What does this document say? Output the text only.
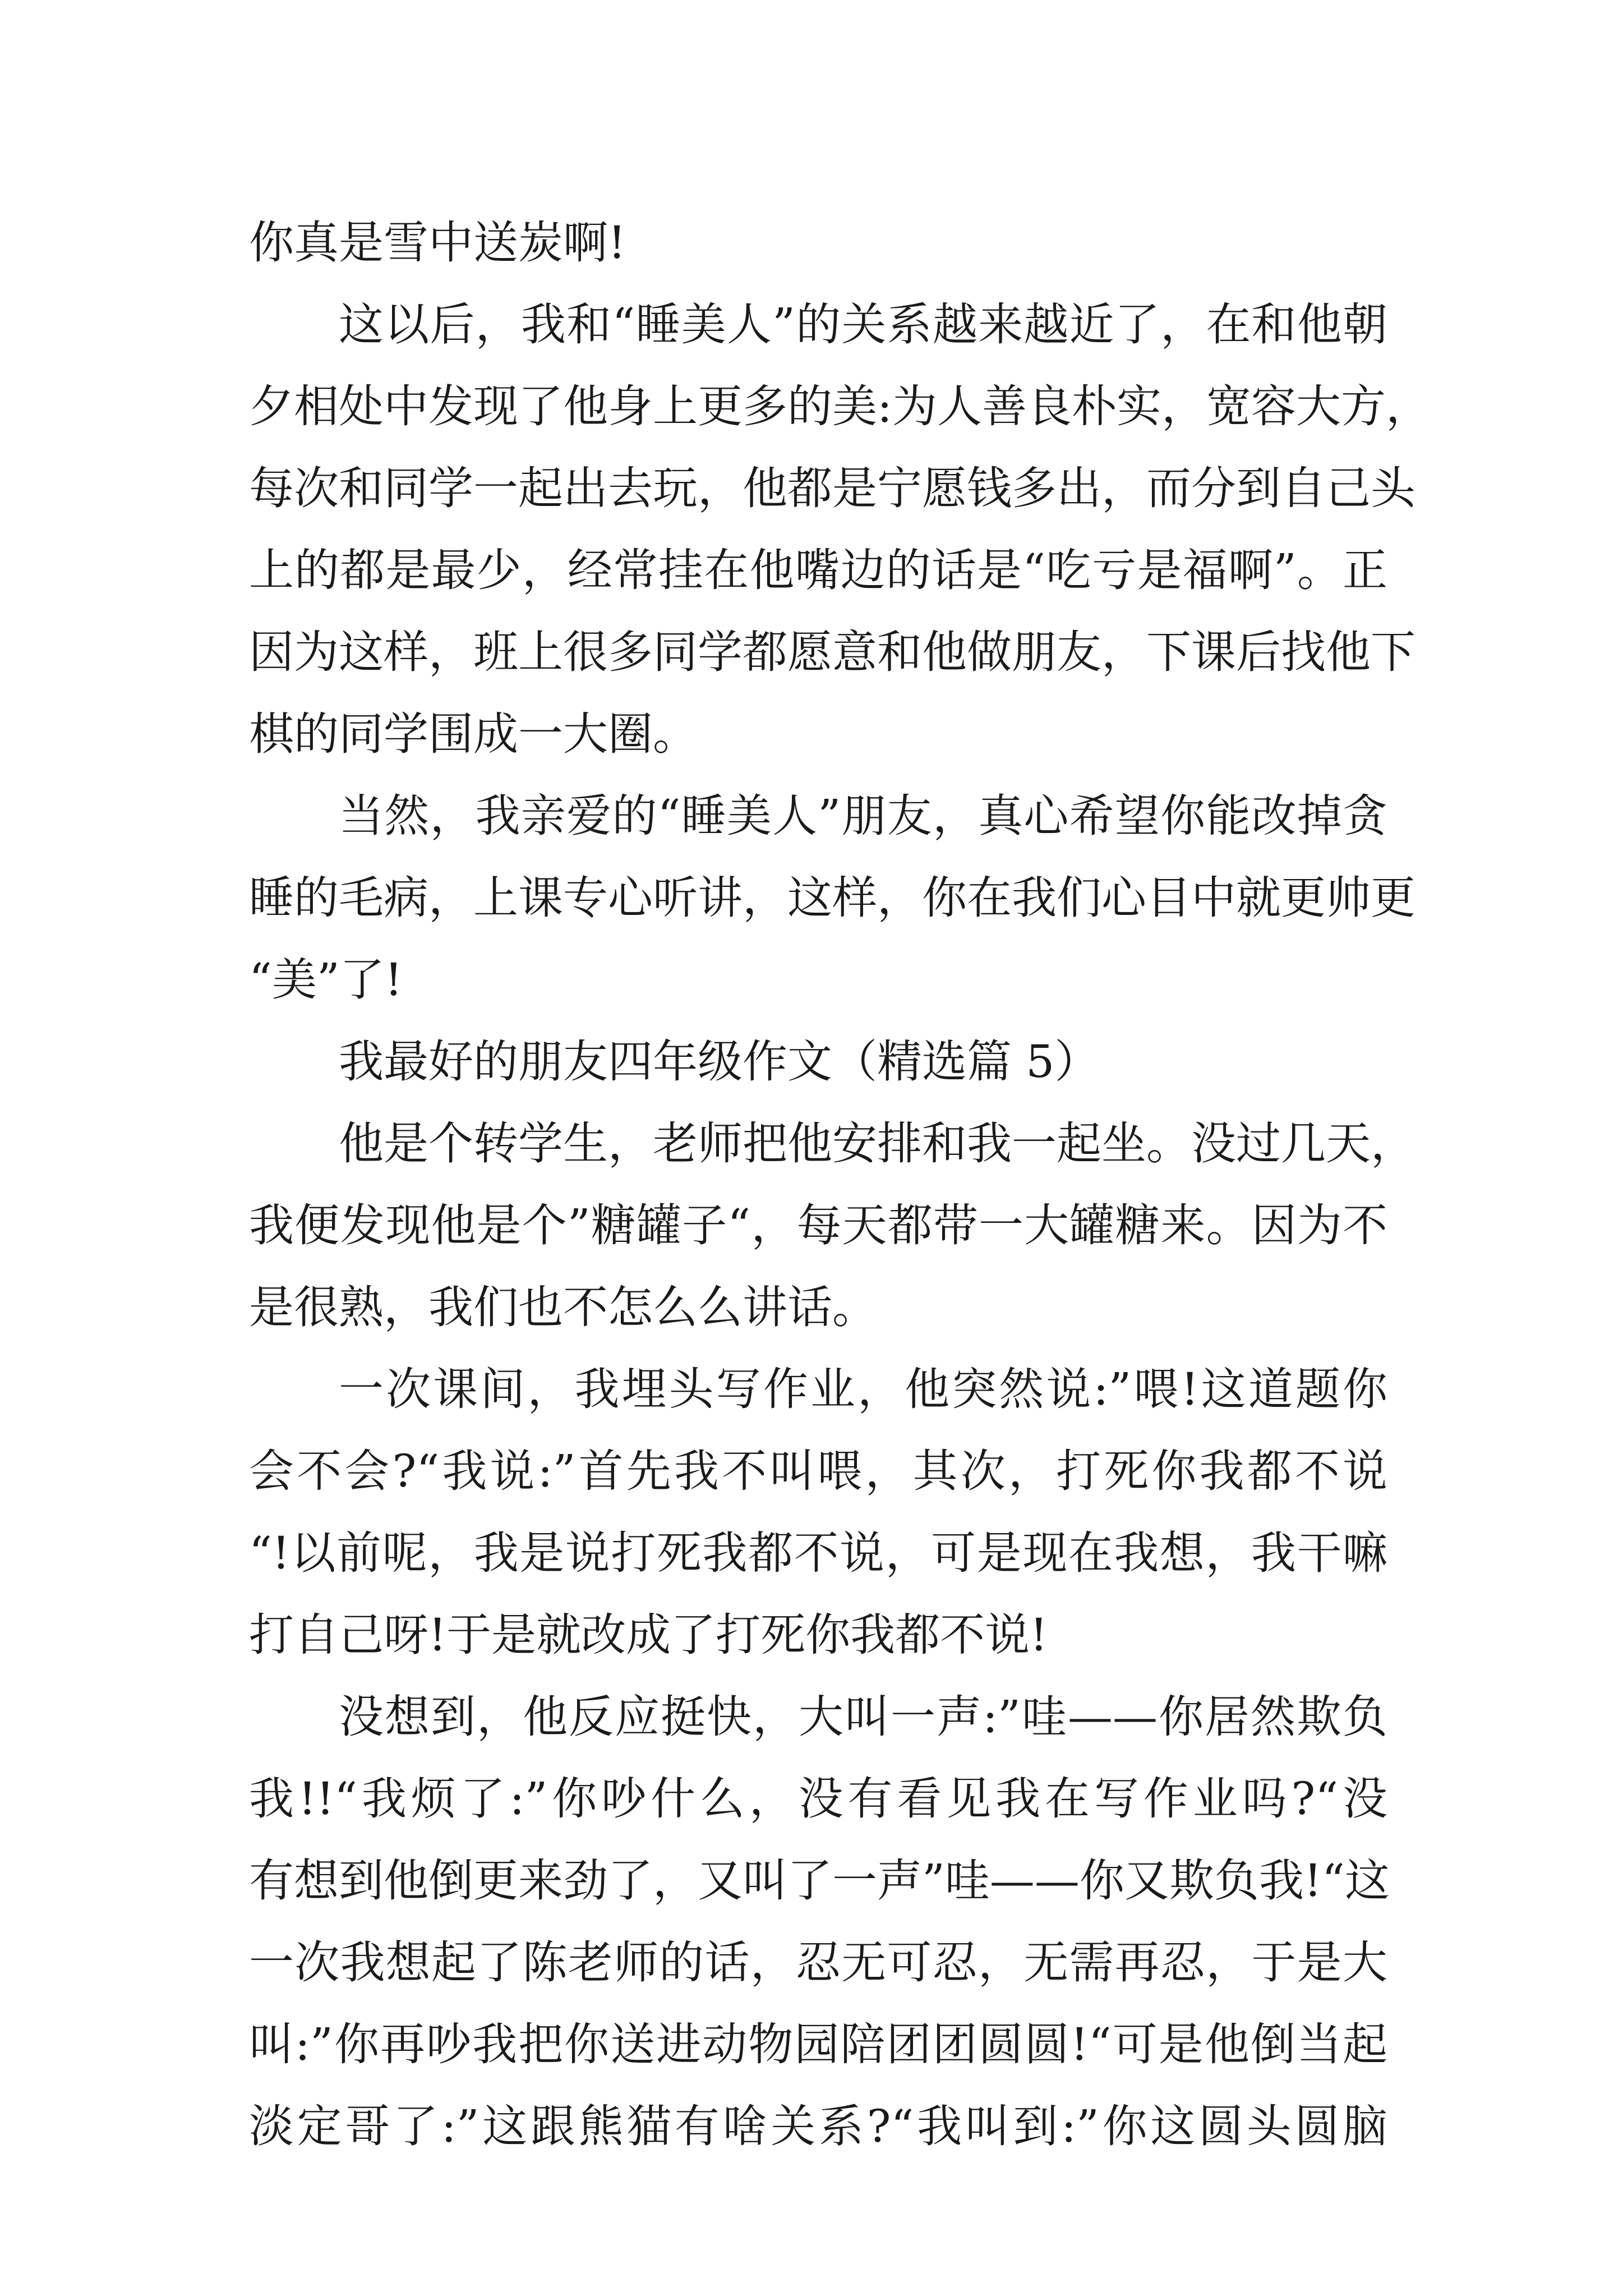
你真是雪中送炭啊!
这以后，我和“睡美人”的关系越来越近了，在和他朝
夕相处中发现了他身上更多的美:为人善良朴实，宽容大方，
每次和同学一起出去玩，他都是宁愿钱多出，而分到自己头
上的都是最少，经常挂在他嘴边的话是“吃亏是福啊”。正
因为这样，班上很多同学都愿意和他做朋友，下课后找他下
棋的同学围成一大圈。
当然，我亲爱的“睡美人”朋友，真心希望你能改掉贪
睡的毛病，上课专心听讲，这样，你在我们心目中就更帅更
“美”了!
我最好的朋友四年级作文（精选篇 5）
他是个转学生，老师把他安排和我一起坐。没过几天，
我便发现他是个”糖罐子“，每天都带一大罐糖来。因为不
是很熟，我们也不怎么么讲话。
一次课间，我埋头写作业，他突然说:”喂!这道题你
会不会?“我说:”首先我不叫喂，其次，打死你我都不说
“!以前呢，我是说打死我都不说，可是现在我想，我干嘛
打自己呀!于是就改成了打死你我都不说!
没想到，他反应挺快，大叫一声:”哇——你居然欺负
我!!“我烦了:”你吵什么，没有看见我在写作业吗?“没
有想到他倒更来劲了，又叫了一声”哇——你又欺负我!“这
一次我想起了陈老师的话，忍无可忍，无需再忍，于是大
叫:”你再吵我把你送进动物园陪团团圆圆!“可是他倒当起
淡定哥了:”这跟熊猫有啥关系?“我叫到:”你这圆头圆脑
